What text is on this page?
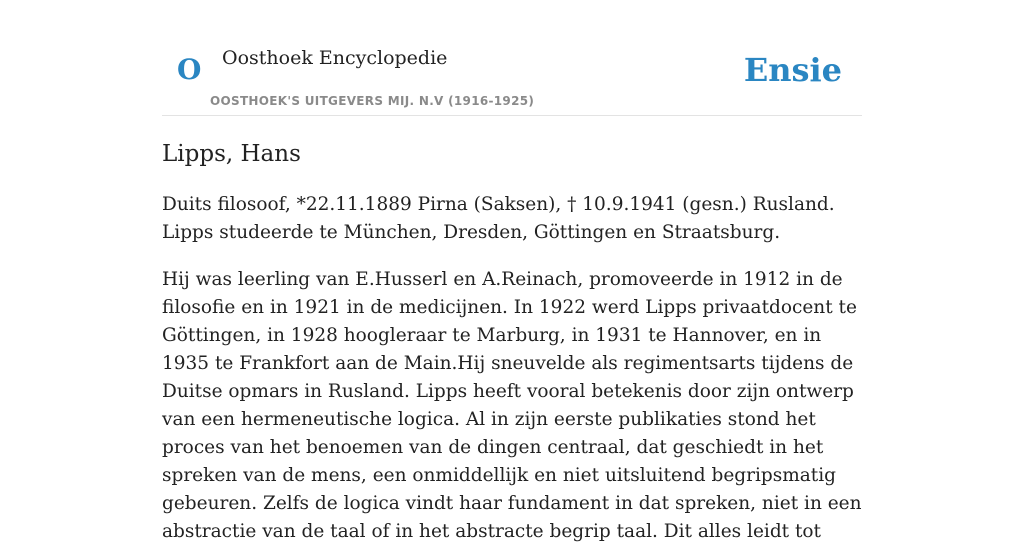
O Oosthoek Encyclopedie
OOSTHOEK'S UITGEVERS MIJ. N.V (1916-1925)
Ensie
Lipps, Hans

Duits filosoof, *22.11.1889 Pirna (Saksen), † 10.9.1941 (gesn.) Rusland. Lipps studeerde te München, Dresden, Göttingen en Straatsburg.

Hij was leerling van E.Husserl en A.Reinach, promoveerde in 1912 in de filosofie en in 1921 in de medicijnen. In 1922 werd Lipps privaatdocent te Göttingen, in 1928 hoogleraar te Marburg, in 1931 te Hannover, en in 1935 te Frankfort aan de Main.Hij sneuvelde als regimentsarts tijdens de Duitse opmars in Rusland. Lipps heeft vooral betekenis door zijn ontwerp van een hermeneutische logica. Al in zijn eerste publikaties stond het proces van het benoemen van de dingen centraal, dat geschiedt in het spreken van de mens, een onmiddellijk en niet uitsluitend begripsmatig gebeuren. Zelfs de logica vindt haar fundament in dat spreken, niet in een abstractie van de taal of in het abstracte begrip taal. Dit alles leidt tot
